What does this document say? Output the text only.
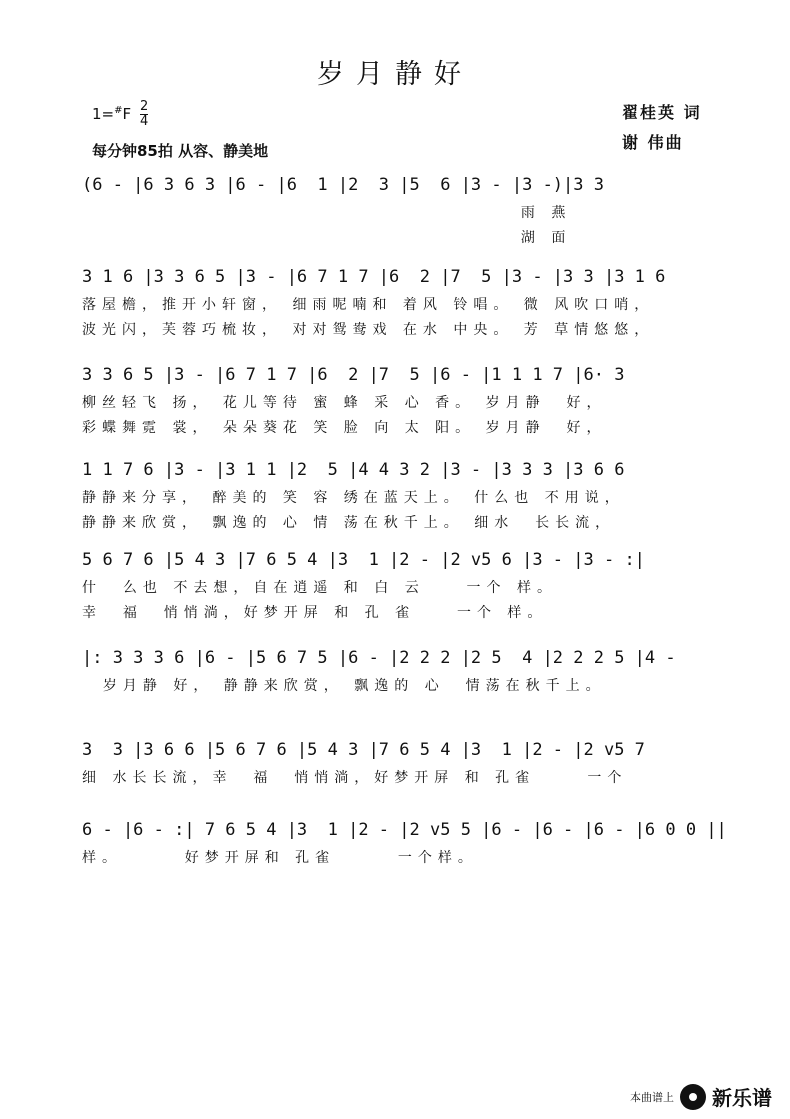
岁月静好
$1=^{\#}F \frac{2}{4}$
每分钟85拍 从容、静美地
翟桂英 词
谢 伟曲
(6 - |6 3 6 3 |6 - |6  1 |2  3 |5  6 |3 - |3 -)|3 3
雨 燕
湖 面
3 1 6 |3 3 6 5 |3 - |6 7 1 7 |6  2 |7  5 |3 - |3 3 |3 1 6
落屋檐，推开小轩窗， 细雨呢喃和 着风 铃唱。 微 风吹口哨，
波光闪，芙蓉巧梳妆， 对对鸳鸯戏 在水 中央。 芳 草情悠悠，
3 3 6 5 |3 - |6 7 1 7 |6  2 |7  5 |6 - |1 1 1 7 |6· 3
柳丝轻飞 扬， 花儿等待 蜜 蜂 采 心 香。 岁月静  好，
彩蝶舞霓 裳， 朵朵葵花 笑 脸 向 太 阳。 岁月静  好，
1 1 7 6 |3 - |3 1 1 |2  5 |4 4 3 2 |3 - |3 3 3 |3 6 6
静静来分享， 醉美的 笑 容 绣在蓝天上。 什么也 不用说，
静静来欣赏， 飘逸的 心 情 荡在秋千上。 细水  长长流，
5 6 7 6 |5 4 3 |7 6 5 4 |3  1 |2 - |2 v5 6 |3 - |3 - :|
什  么也 不去想，自在逍遥 和 白 云    一个 样。
幸  福  悄悄淌，好梦开屏 和 孔 雀    一个 样。
|: 3 3 3 6 |6 - |5 6 7 5 |6 - |2 2 2 |2 5  4 |2 2 2 5 |4 -
岁月静 好， 静静来欣赏， 飘逸的 心  情荡在秋千上。
3  3 |3 6 6 |5 6 7 6 |5 4 3 |7 6 5 4 |3  1 |2 - |2 v5 7
细 水长长流，幸  福  悄悄淌，好梦开屏 和 孔雀     一个
6 - |6 - :| 7 6 5 4 |3  1 |2 - |2 v5 5 |6 - |6 - |6 - |6 0 0 ||
样。      好梦开屏和 孔雀      一个样。
本曲谱上 新乐谱
